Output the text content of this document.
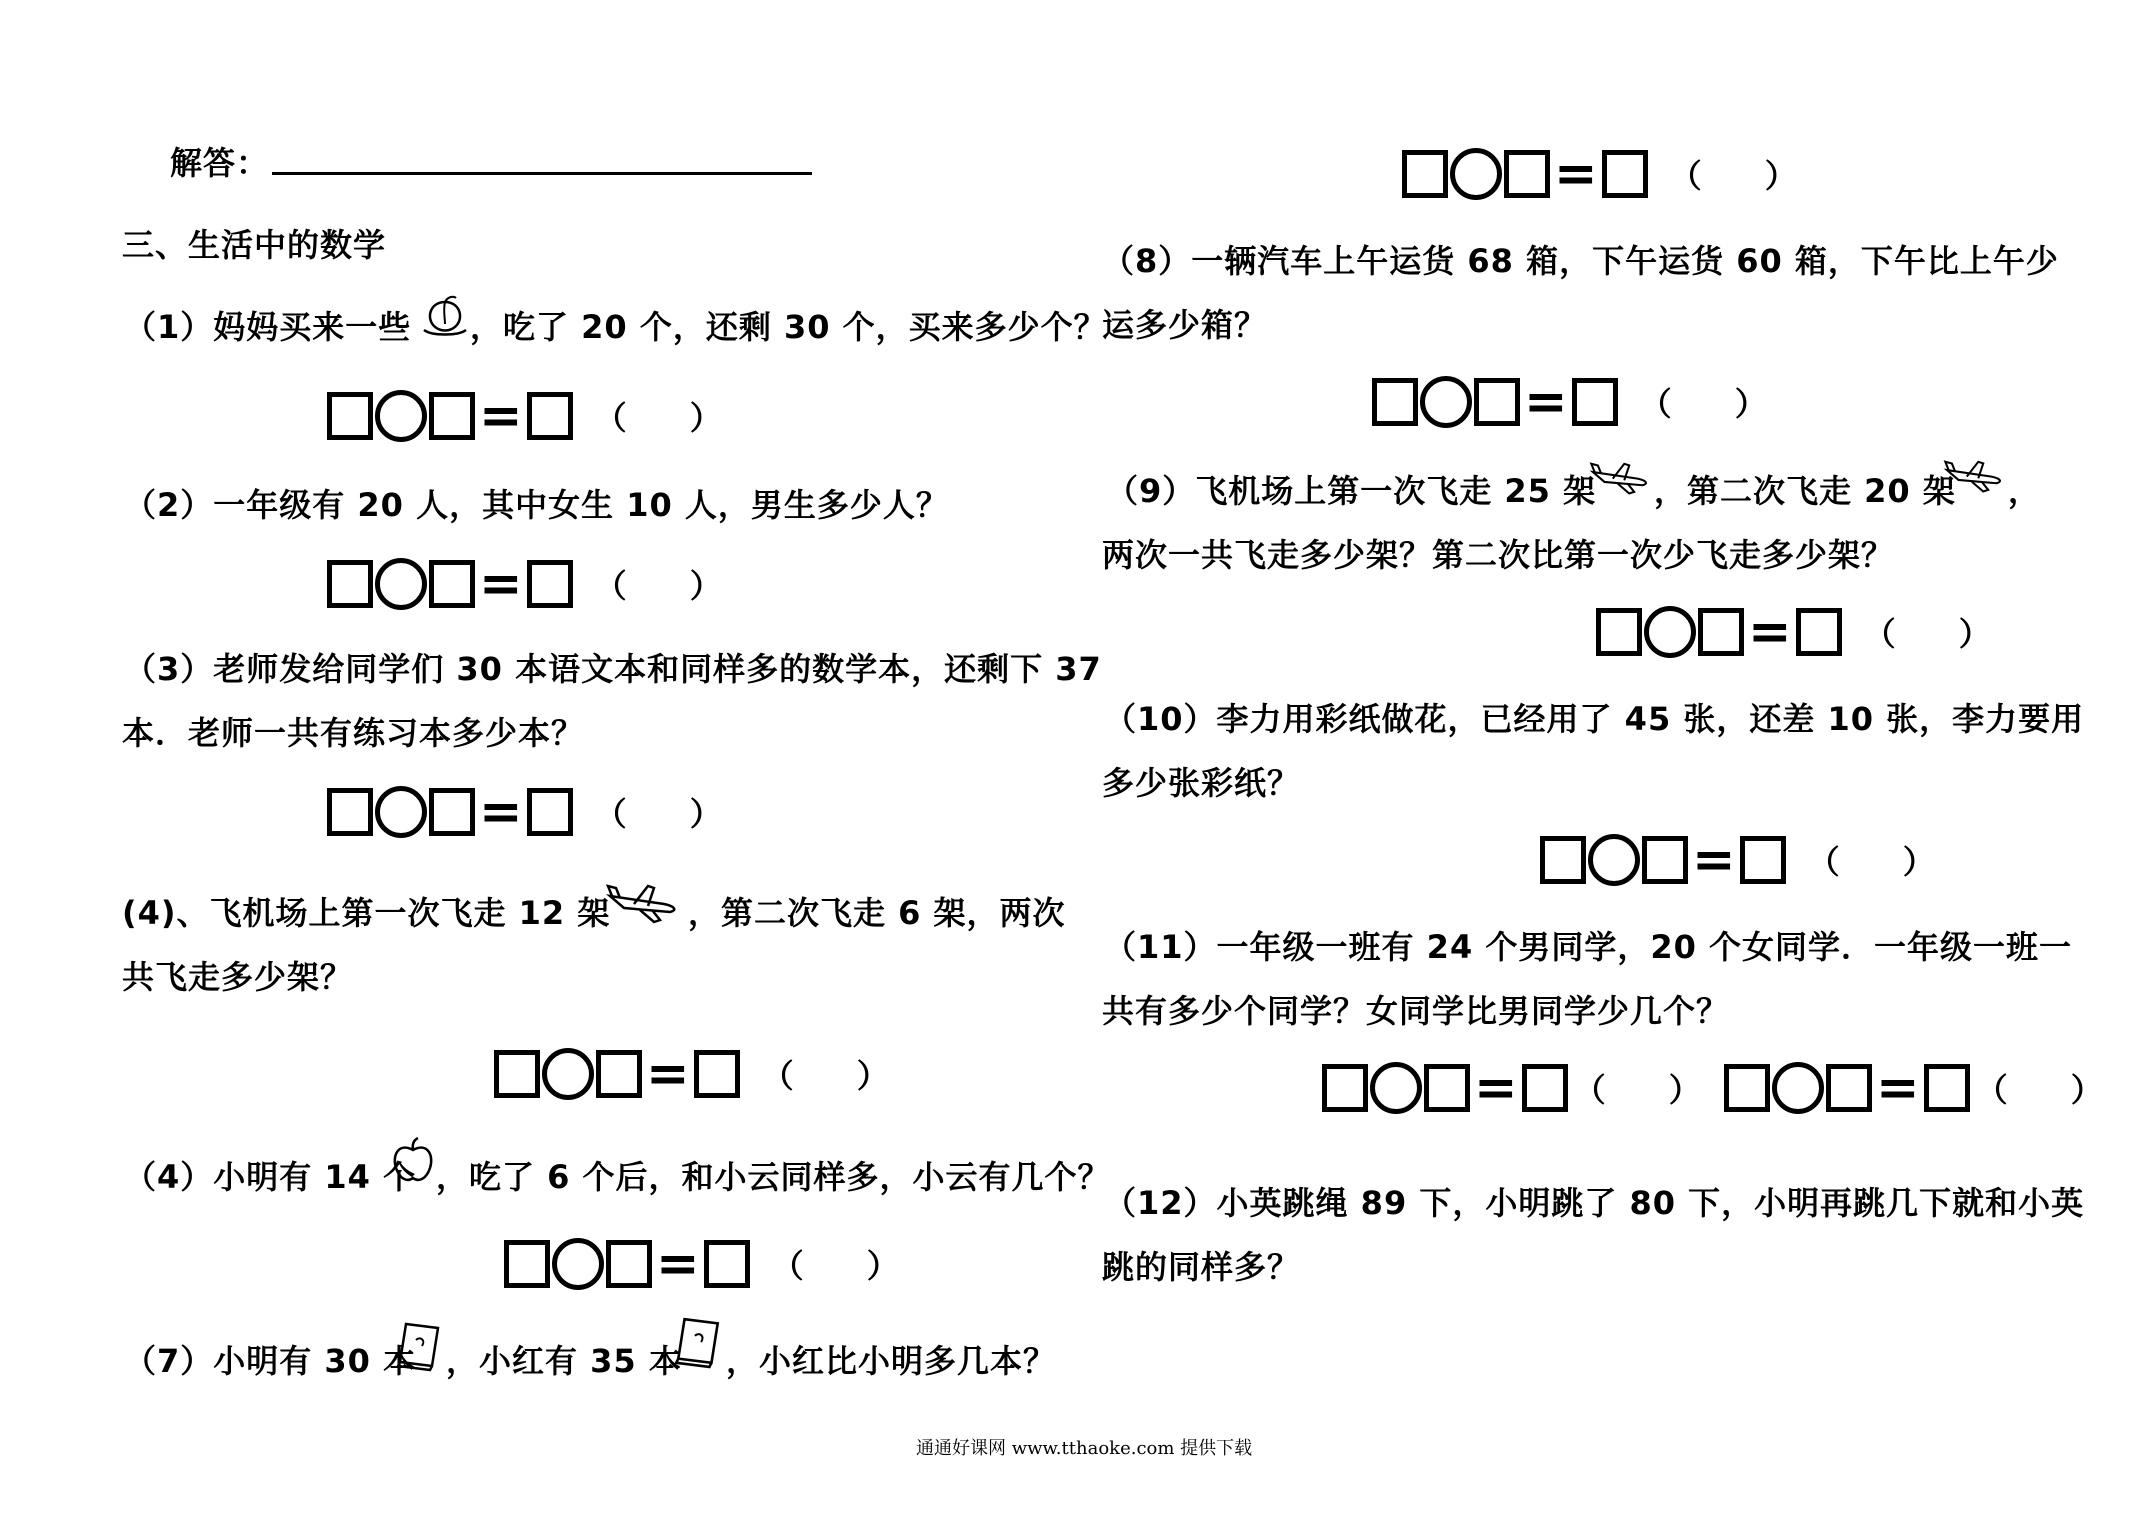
解答：
三、生活中的数学
（1）妈妈买来一些 ，吃了 20 个，还剩 30 个，买来多少个？
= （ ）
（2）一年级有 20 人，其中女生 10 人，男生多少人？
= （ ）
（3）老师发给同学们 30 本语文本和同样多的数学本，还剩下 37
本．老师一共有练习本多少本？
= （ ）
(4)、飞机场上第一次飞走 12 架 ，第二次飞走 6 架，两次
共飞走多少架？
= （ ）
（4）小明有 14 个 ，吃了 6 个后，和小云同样多，小云有几个？
= （ ）
（7）小明有 30 本 ，小红有 35 本 ，小红比小明多几本？
= （ ）
（8）一辆汽车上午运货 68 箱，下午运货 60 箱，下午比上午少
运多少箱？
= （ ）
（9）飞机场上第一次飞走 25 架 ，第二次飞走 20 架 ，
两次一共飞走多少架？第二次比第一次少飞走多少架？
= （ ）
（10）李力用彩纸做花，已经用了 45 张，还差 10 张，李力要用
多少张彩纸？
= （ ）
（11）一年级一班有 24 个男同学，20 个女同学．一年级一班一
共有多少个同学？女同学比男同学少几个？
= （ ）	= （ ）
（12）小英跳绳 89 下，小明跳了 80 下，小明再跳几下就和小英
跳的同样多？
通通好课网 www.tthaoke.com 提供下载
